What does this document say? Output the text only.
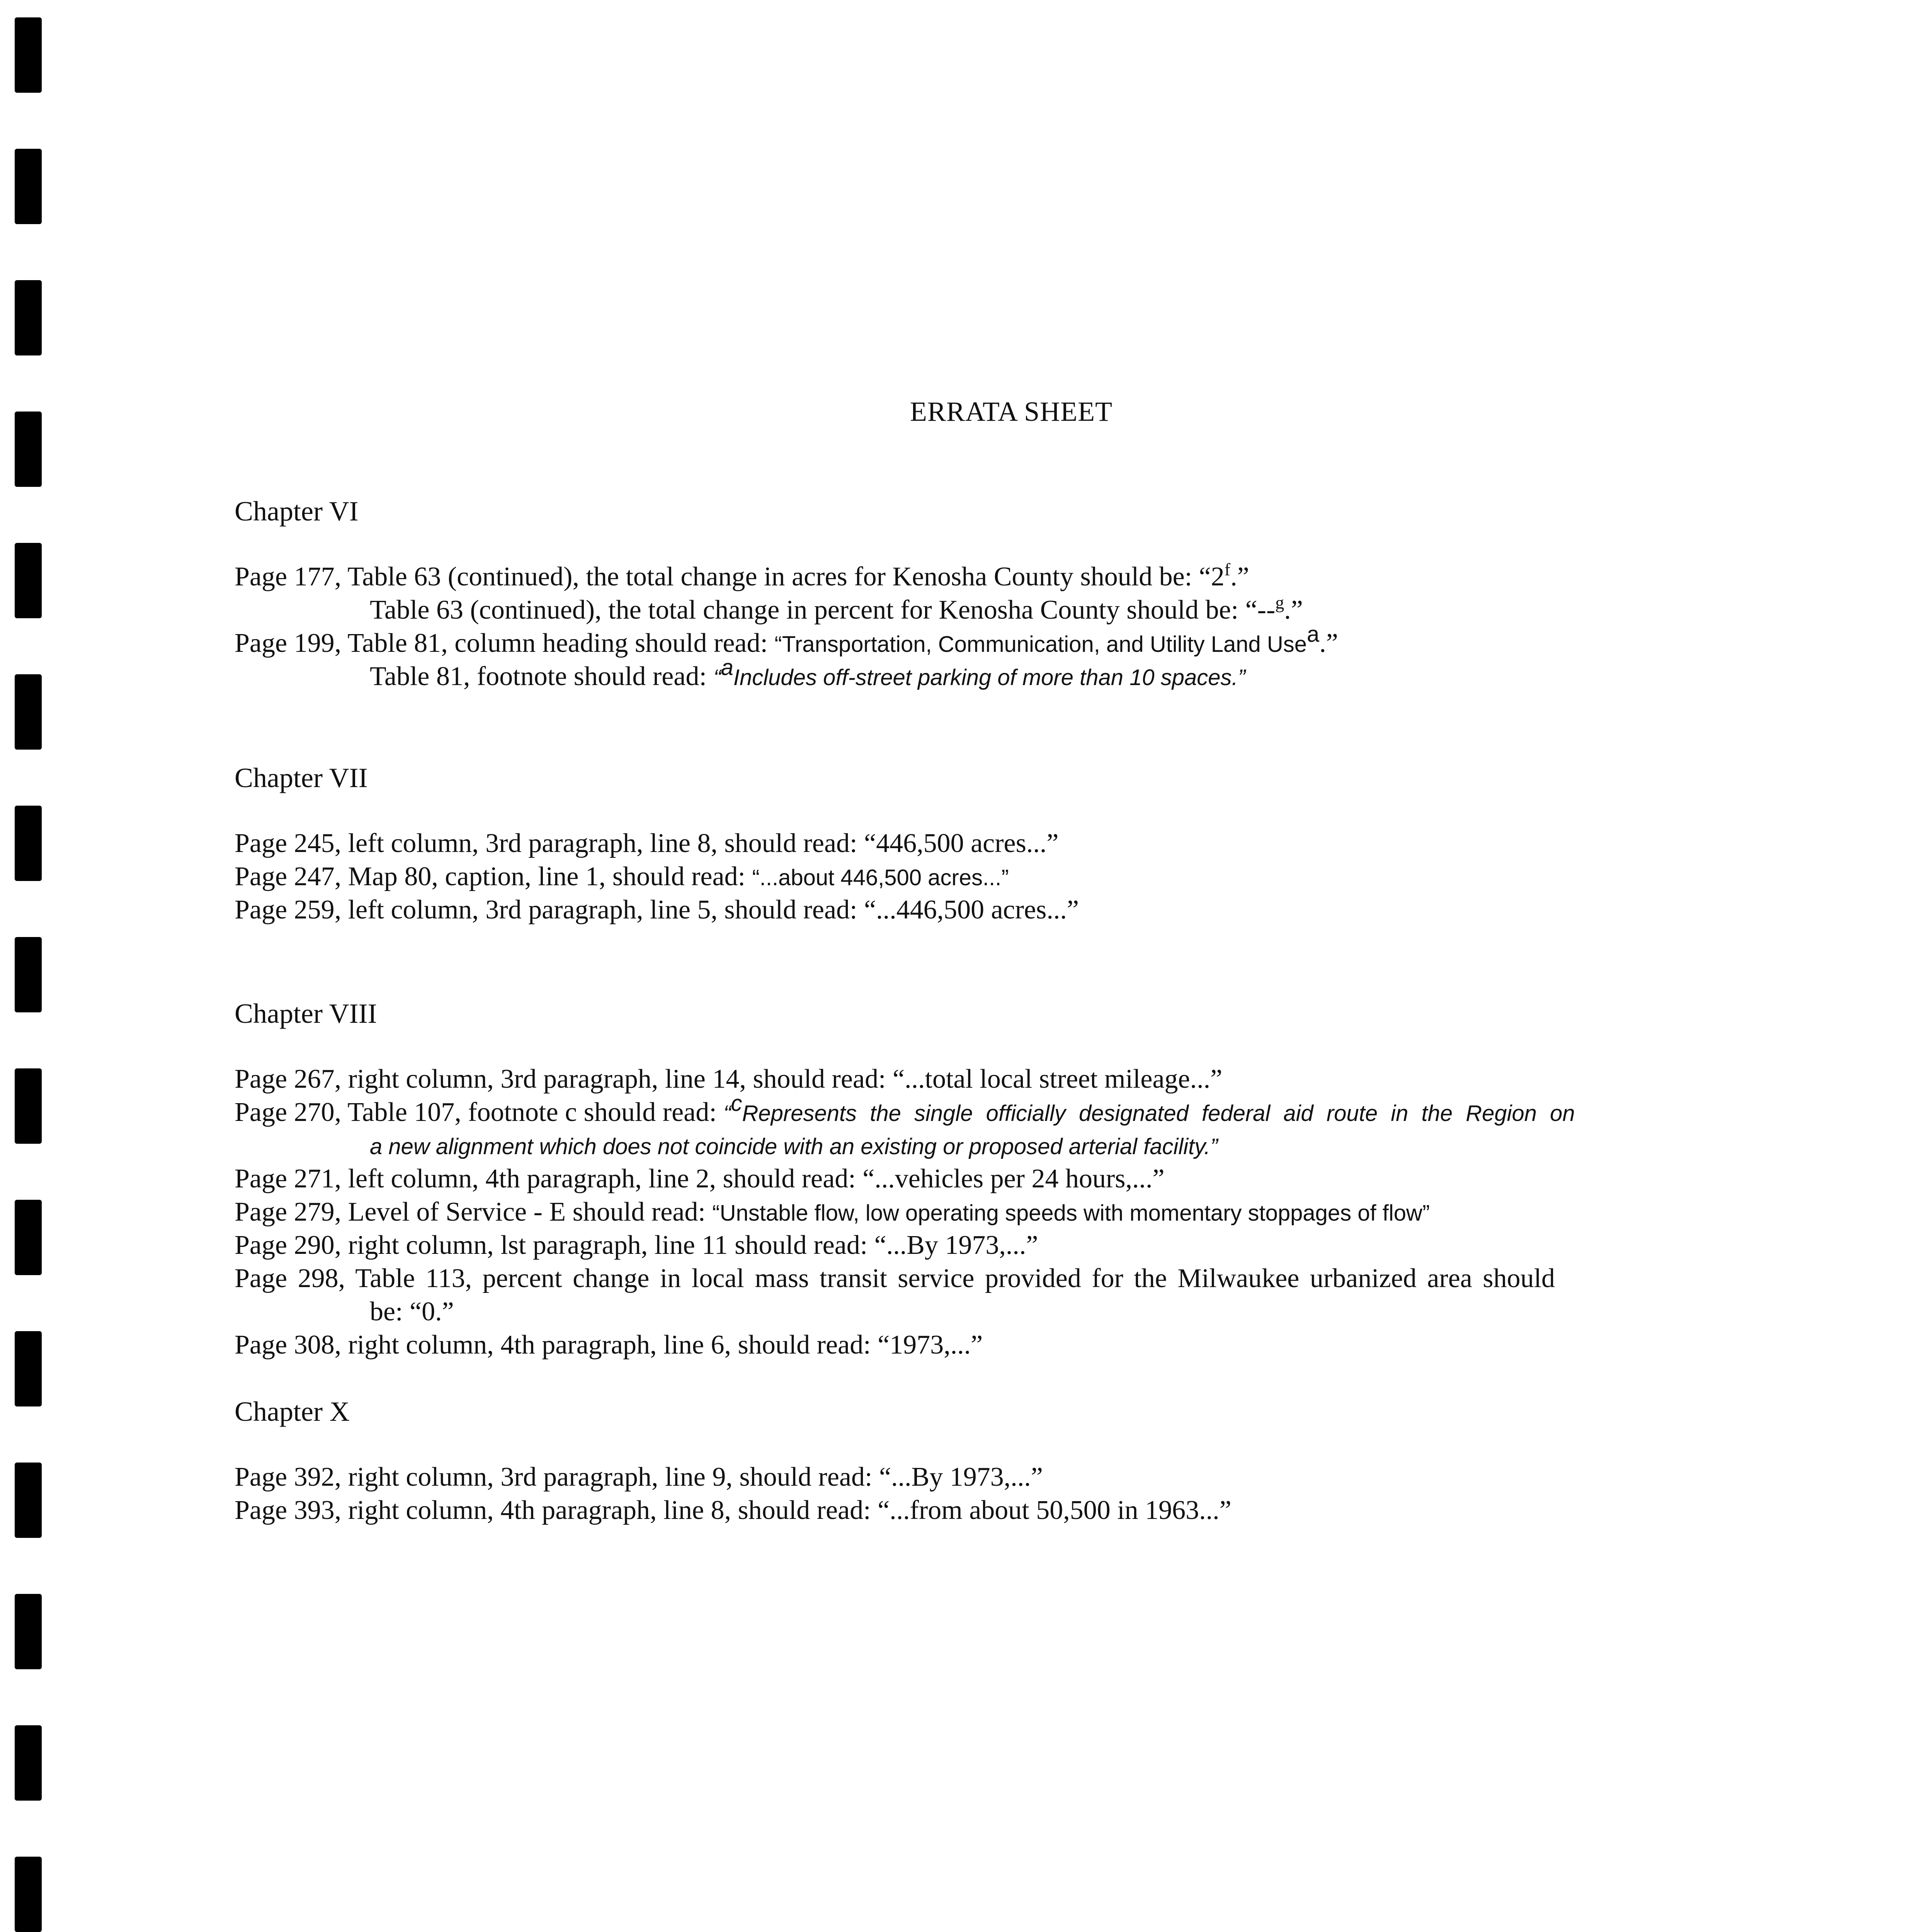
ERRATA SHEET
Chapter VI
Page 177, Table 63 (continued), the total change in acres for Kenosha County should be: “2$^f$.”
Table 63 (continued), the total change in percent for Kenosha County should be: “--$^g$.”
Page 199, Table 81, column heading should read: “Transportation, Communication, and Utility Land Use$^a$.”
Table 81, footnote should read: “$^a$Includes off-street parking of more than 10 spaces.”
Chapter VII
Page 245, left column, 3rd paragraph, line 8, should read: “446,500 acres...”
Page 247, Map 80, caption, line 1, should read: “...about 446,500 acres...”
Page 259, left column, 3rd paragraph, line 5, should read: “...446,500 acres...”
Chapter VIII
Page 267, right column, 3rd paragraph, line 14, should read: “...total local street mileage...”
Page 270, Table 107, footnote c should read: “$^c$Represents the single officially designated federal aid route in the Region on
a new alignment which does not coincide with an existing or proposed arterial facility.”
Page 271, left column, 4th paragraph, line 2, should read: “...vehicles per 24 hours,...”
Page 279, Level of Service - E should read: “Unstable flow, low operating speeds with momentary stoppages of flow”
Page 290, right column, lst paragraph, line 11 should read: “...By 1973,...”
Page 298, Table 113, percent change in local mass transit service provided for the Milwaukee urbanized area should
be: “0.”
Page 308, right column, 4th paragraph, line 6, should read: “1973,...”
Chapter X
Page 392, right column, 3rd paragraph, line 9, should read: “...By 1973,...”
Page 393, right column, 4th paragraph, line 8, should read: “...from about 50,500 in 1963...”
